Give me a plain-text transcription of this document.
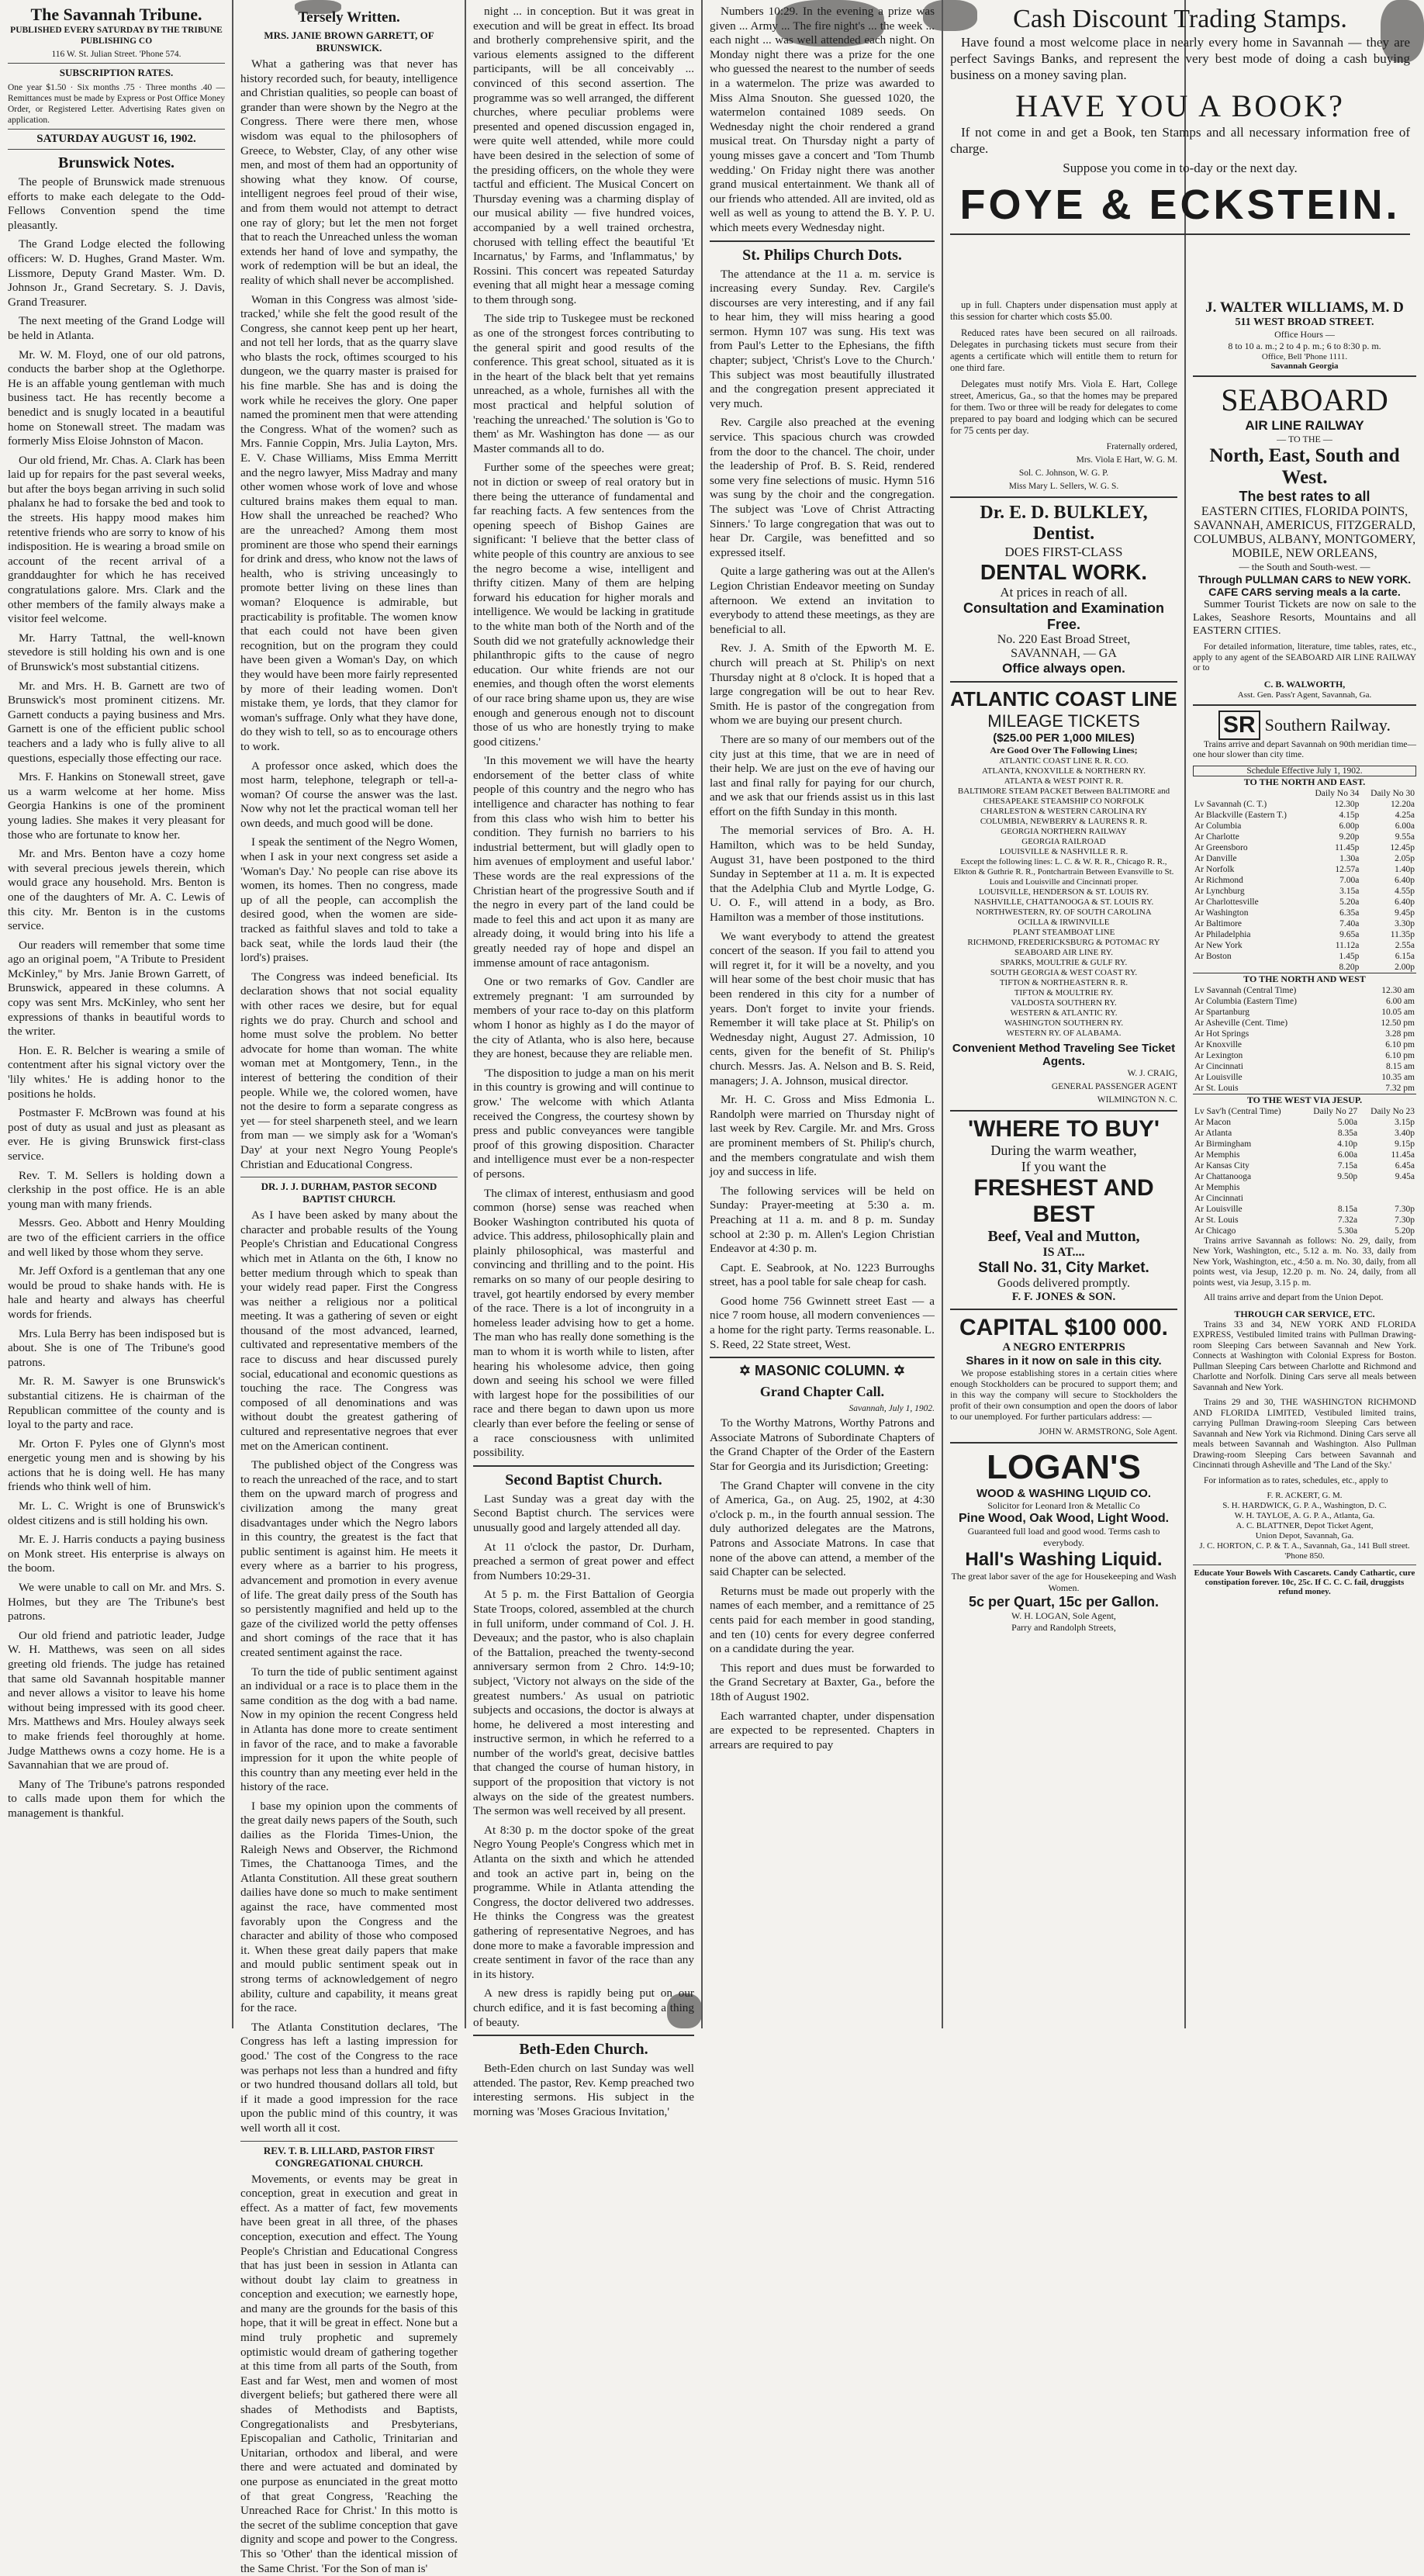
The Savannah Tribune.
PUBLISHED EVERY SATURDAY BY THE TRIBUNE PUBLISHING CO
116 W. St. Julian Street. 'Phone 574.
SUBSCRIPTION RATES.
One year $1.50 · Six months .75 · Three months .40 — Remittances must be made by Express or Post Office Money Order, or Registered Letter. Advertising Rates given on application.
SATURDAY AUGUST 16, 1902.
Brunswick Notes.

The people of Brunswick made strenuous efforts to make each delegate to the Odd-Fellows Convention spend the time pleasantly.

The Grand Lodge elected the following officers: W. D. Hughes, Grand Master. Wm. Lissmore, Deputy Grand Master. Wm. D. Johnson Jr., Grand Secretary. S. J. Davis, Grand Treasurer.

The next meeting of the Grand Lodge will be held in Atlanta.

Mr. W. M. Floyd, one of our old patrons, conducts the barber shop at the Oglethorpe. He is an affable young gentleman with much business tact. He has recently become a benedict and is snugly located in a beautiful home on Stonewall street. The madam was formerly Miss Eloise Johnston of Macon.

Our old friend, Mr. Chas. A. Clark has been laid up for repairs for the past several weeks, but after the boys began arriving in such solid phalanx he had to forsake the bed and took to the streets. His happy mood makes him retentive friends who are sorry to know of his indisposition. He is wearing a broad smile on account of the recent arrival of a granddaughter for which he has received congratulations galore. Mrs. Clark and the other members of the family always make a visitor feel welcome.

Mr. Harry Tattnal, the well-known stevedore is still holding his own and is one of Brunswick's most substantial citizens.

Mr. and Mrs. H. B. Garnett are two of Brunswick's most prominent citizens. Mr. Garnett conducts a paying business and Mrs. Garnett is one of the efficient public school teachers and a lady who is fully alive to all questions, especially those effecting our race.

Mrs. F. Hankins on Stonewall street, gave us a warm welcome at her home. Miss Georgia Hankins is one of the prominent young ladies. She makes it very pleasant for those who are fortunate to know her.

Mr. and Mrs. Benton have a cozy home with several precious jewels therein, which would grace any household. Mrs. Benton is one of the daughters of Mr. A. C. Lewis of this city. Mr. Benton is in the customs service.

Our readers will remember that some time ago an original poem, "A Tribute to President McKinley," by Mrs. Janie Brown Garrett, of Brunswick, appeared in these columns. A copy was sent Mrs. McKinley, who sent her expressions of thanks in beautiful words to the writer.

Hon. E. R. Belcher is wearing a smile of contentment after his signal victory over the 'lily whites.' He is adding honor to the positions he holds.

Postmaster F. McBrown was found at his post of duty as usual and just as pleasant as ever. He is giving Brunswick first-class service.

Rev. T. M. Sellers is holding down a clerkship in the post office. He is an able young man with many friends.

Messrs. Geo. Abbott and Henry Moulding are two of the efficient carriers in the office and well liked by those whom they serve.

Mr. Jeff Oxford is a gentleman that any one would be proud to shake hands with. He is hale and hearty and always has cheerful words for friends.

Mrs. Lula Berry has been indisposed but is about. She is one of The Tribune's good patrons.

Mr. R. M. Sawyer is one Brunswick's substantial citizens. He is chairman of the Republican committee of the county and is loyal to the party and race.

Mr. Orton F. Pyles one of Glynn's most energetic young men and is showing by his actions that he is doing well. He has many friends who think well of him.

Mr. L. C. Wright is one of Brunswick's oldest citizens and is still holding his own.

Mr. E. J. Harris conducts a paying business on Monk street. His enterprise is always on the boom.

We were unable to call on Mr. and Mrs. S. Holmes, but they are The Tribune's best patrons.

Our old friend and patriotic leader, Judge W. H. Matthews, was seen on all sides greeting old friends. The judge has retained that same old Savannah hospitable manner and never allows a visitor to leave his home without being impressed with its good cheer. Mrs. Matthews and Mrs. Houley always seek to make friends feel thoroughly at home. Judge Matthews owns a cozy home. He is a Savannahian that we are proud of.

Many of The Tribune's patrons responded to calls made upon them for which the management is thankful.

Tersely Written.
MRS. JANIE BROWN GARRETT, OF BRUNSWICK.

What a gathering was that never has history recorded such, for beauty, intelligence and Christian qualities, so people can boast of grander than were shown by the Negro at the Congress. There were there men, whose wisdom was equal to the philosophers of Greece, to Webster, Clay, of any other wise men, and most of them had an opportunity of showing what they know. Of course, intelligent negroes feel proud of their wise, and from them would not attempt to detract one ray of glory; but let the men not forget that to reach the Unreached unless the woman extends her hand of love and sympathy, the work of redemption will be but an ideal, the reality of which shall never be accomplished.

Woman in this Congress was almost 'side-tracked,' while she felt the good result of the Congress, she cannot keep pent up her heart, and not tell her lords, that as the quarry slave who blasts the rock, oftimes scourged to his dungeon, we the quarry master is praised for his fine marble. She has and is doing the work while he receives the glory. One paper named the prominent men that were attending the Congress. What of the women? such as Mrs. Fannie Coppin, Mrs. Julia Layton, Mrs. E. V. Chase Williams, Miss Emma Merritt and the negro lawyer, Miss Madray and many other women whose work of love and whose cultured brains makes them equal to man. How shall the unreached be reached? Who are the unreached? Among them most prominent are those who spend their earnings for drink and dress, who know not the laws of health, who is striving unceasingly to promote better living on these lines than woman? Eloquence is admirable, but practicability is profitable. The women know that each could not have been given recognition, but on the program they could have been given a Woman's Day, on which they would have been more fairly represented by more of their leading women. Don't mistake them, ye lords, that they clamor for woman's suffrage. Only what they have done, do they wish to tell, so as to encourage others to work.

A professor once asked, which does the most harm, telephone, telegraph or tell-a-woman? Of course the answer was the last. Now why not let the practical woman tell her own deeds, and much good will be done.

I speak the sentiment of the Negro Women, when I ask in your next congress set aside a 'Woman's Day.' No people can rise above its women, its homes. Then no congress, made up of all the people, can accomplish the desired good, when the women are side-tracked as faithful slaves and told to take a back seat, while the lords laud their (the lord's) praises.

The Congress was indeed beneficial. Its declaration shows that not social equality with other races we desire, but for equal rights we do pray. Church and school and home must solve the problem. No better advocate for home than woman. The white woman met at Montgomery, Tenn., in the interest of bettering the condition of their people. While we, the colored women, have not the desire to form a separate congress as yet — for steel sharpeneth steel, and we learn from man — we simply ask for a 'Woman's Day' at your next Negro Young People's Christian and Educational Congress.

DR. J. J. DURHAM, PASTOR SECOND BAPTIST CHURCH.

As I have been asked by many about the character and probable results of the Young People's Christian and Educational Congress which met in Atlanta on the 6th, I know no better medium through which to speak than your widely read paper. First the Congress was neither a religious nor a political meeting. It was a gathering of seven or eight thousand of the most advanced, learned, cultivated and representative members of the race to discuss and hear discussed purely social, educational and economic questions as touching the race. The Congress was composed of all denominations and was without doubt the greatest gathering of cultured and representative negroes that ever met on the American continent.

The published object of the Congress was to reach the unreached of the race, and to start them on the upward march of progress and civilization among the many great disadvantages under which the Negro labors in this country, the greatest is the fact that public sentiment is against him. He meets it every where as a barrier to his progress, advancement and promotion in every avenue of life. The great daily press of the South has so persistently magnified and held up to the gaze of the civilized world the petty offenses and short comings of the race that it has created sentiment against the race.

To turn the tide of public sentiment against an individual or a race is to place them in the same condition as the dog with a bad name. Now in my opinion the recent Congress held in Atlanta has done more to create sentiment in favor of the race, and to make a favorable impression for it upon the white people of this country than any meeting ever held in the history of the race.

I base my opinion upon the comments of the great daily news papers of the South, such dailies as the Florida Times-Union, the Raleigh News and Observer, the Richmond Times, the Chattanooga Times, and the Atlanta Constitution. All these great southern dailies have done so much to make sentiment against the race, have commented most favorably upon the Congress and the character and ability of those who composed it. When these great daily papers that make and mould public sentiment speak out in strong terms of acknowledgement of negro ability, culture and capability, it means great for the race.

The Atlanta Constitution declares, 'The Congress has left a lasting impression for good.' The cost of the Congress to the race was perhaps not less than a hundred and fifty or two hundred thousand dollars all told, but if it made a good impression for the race upon the public mind of this country, it was well worth all it cost.

REV. T. B. LILLARD, PASTOR FIRST CONGREGATIONAL CHURCH.

Movements, or events may be great in conception, great in execution and great in effect. As a matter of fact, few movements have been great in all three, of the phases conception, execution and effect. The Young People's Christian and Educational Congress that has just been in session in Atlanta can without doubt lay claim to greatness in conception and execution; we earnestly hope, and many are the grounds for the basis of this hope, that it will be great in effect. None but a mind truly prophetic and supremely optimistic would dream of gathering together at this time from all parts of the South, from East and far West, men and women of most divergent beliefs; but gathered there were all shades of Methodists and Baptists, Congregationalists and Presbyterians, Episcopalian and Catholic, Trinitarian and Unitarian, orthodox and liberal, and were there and were actuated and dominated by one purpose as enunciated in the great motto of that great Congress, 'Reaching the Unreached Race for Christ.' In this motto is the secret of the sublime conception that gave dignity and scope and power to the Congress. This so 'Other' than the identical mission of the Same Christ. 'For the Son of man is'

night ... in conception. But it was great in execution and will be great in effect. Its broad and brotherly comprehensive spirit, and the various elements assigned to the different participants, will be all conceivably ... convinced of this second assertion. The programme was so well arranged, the different churches, where peculiar problems were presented and opened discussion engaged in, were quite well attended, while more could have been desired in the selection of some of the presiding officers, on the whole they were tactful and efficient. The Musical Concert on Thursday evening was a charming display of our musical ability — five hundred voices, accompanied by a well trained orchestra, chorused with telling effect the beautiful 'Et Incarnatus,' by Farms, and 'Inflammatus,' by Rossini. This concert was repeated Saturday evening that all might hear a message coming to them through song.

The side trip to Tuskegee must be reckoned as one of the strongest forces contributing to the general spirit and good results of the conference. This great school, situated as it is in the heart of the black belt that yet remains unreached, as a whole, furnishes all with the most practical and helpful solution of 'reaching the unreached.' The solution is 'Go to them' as Mr. Washington has done — as our Master commands all to do.

Further some of the speeches were great; not in diction or sweep of real oratory but in there being the utterance of fundamental and far reaching facts. A few sentences from the opening speech of Bishop Gaines are significant: 'I believe that the better class of white people of this country are anxious to see the negro become a wise, intelligent and thrifty citizen. Many of them are helping forward his education for higher morals and intelligence. We would be lacking in gratitude to the white man both of the North and of the South did we not gratefully acknowledge their philanthropic gifts to the cause of negro education. Our white friends are not our enemies, and though often the worst elements of our race bring shame upon us, they are wise enough and generous enough not to discount those of us who are honestly trying to make good citizens.'

'In this movement we will have the hearty endorsement of the better class of white people of this country and the negro who has intelligence and character has nothing to fear from this class who wish him to better his condition. They furnish no barriers to his industrial betterment, but will gladly open to him avenues of employment and useful labor.' These words are the real expressions of the Christian heart of the progressive South and if the negro in every part of the land could be made to feel this and act upon it as many are already doing, it would bring into his life a greatly needed ray of hope and dispel an immense amount of race antagonism.

One or two remarks of Gov. Candler are extremely pregnant: 'I am surrounded by members of your race to-day on this platform whom I honor as highly as I do the mayor of the city of Atlanta, who is also here, because they are honest, because they are reliable men.

'The disposition to judge a man on his merit in this country is growing and will continue to grow.' The welcome with which Atlanta received the Congress, the courtesy shown by press and public conveyances were tangible proof of this growing disposition. Character and intelligence must ever be a non-respecter of persons.

The climax of interest, enthusiasm and good common (horse) sense was reached when Booker Washington contributed his quota of advice. This address, philosophically plain and plainly philosophical, was masterful and convincing and thrilling and to the point. His remarks on so many of our people desiring to travel, got heartily endorsed by every member of the race. There is a lot of incongruity in a homeless leader advising how to get a home. The man who has really done something is the man to whom it is worth while to listen, after hearing his wholesome advice, then going down and seeing his school we were filled with largest hope for the possibilities of our race and there began to dawn upon us more clearly than ever before the feeling or sense of a race consciousness with unlimited possibility.

Second Baptist Church.

Last Sunday was a great day with the Second Baptist church. The services were unusually good and largely attended all day.

At 11 o'clock the pastor, Dr. Durham, preached a sermon of great power and effect from Numbers 10:29-31.

At 5 p. m. the First Battalion of Georgia State Troops, colored, assembled at the church in full uniform, under command of Col. J. H. Deveaux; and the pastor, who is also chaplain of the Battalion, preached the twenty-second anniversary sermon from 2 Chro. 14:9-10; subject, 'Victory not always on the side of the greatest numbers.' As usual on patriotic subjects and occasions, the doctor is always at home, he delivered a most interesting and instructive sermon, in which he referred to a number of the world's great, decisive battles that changed the course of human history, in support of the proposition that victory is not always on the side of the greatest numbers. The sermon was well received by all present.

At 8:30 p. m the doctor spoke of the great Negro Young People's Congress which met in Atlanta on the sixth and which he attended and took an active part in, being on the programme. While in Atlanta attending the Congress, the doctor delivered two addresses. He thinks the Congress was the greatest gathering of representative Negroes, and has done more to make a favorable impression and create sentiment in favor of the race than any in its history.

A new dress is rapidly being put on our church edifice, and it is fast becoming a thing of beauty.

Beth-Eden Church.

Beth-Eden church on last Sunday was well attended. The pastor, Rev. Kemp preached two interesting sermons. His subject in the morning was 'Moses Gracious Invitation,'

Numbers 10:29. In the evening a prize was given ... Army ... The fire night's ... the week ... each night ... was well attended each night. On Monday night there was a prize for the one who guessed the nearest to the number of seeds in a watermelon. The prize was awarded to Miss Alma Snouton. She guessed 1020, the watermelon contained 1089 seeds. On Wednesday night the choir rendered a grand musical treat. On Thursday night a party of young misses gave a concert and 'Tom Thumb wedding.' On Friday night there was another grand musical entertainment. We thank all of our friends who attended. All are invited, old as well as well as young to attend the B. Y. P. U. which meets every Wednesday night.

St. Philips Church Dots.

The attendance at the 11 a. m. service is increasing every Sunday. Rev. Cargile's discourses are very interesting, and if any fail to hear him, they will miss hearing a good sermon. Hymn 107 was sung. His text was from Paul's Letter to the Ephesians, the fifth chapter; subject, 'Christ's Love to the Church.' This subject was most beautifully illustrated and the congregation present appreciated it very much.

Rev. Cargile also preached at the evening service. This spacious church was crowded from the door to the chancel. The choir, under the leadership of Prof. B. S. Reid, rendered some very fine selections of music. Hymn 516 was sung by the choir and the congregation. The subject was 'Love of Christ Attracting Sinners.' To large congregation that was out to hear Dr. Cargile, was benefitted and so expressed itself.

Quite a large gathering was out at the Allen's Legion Christian Endeavor meeting on Sunday afternoon. We extend an invitation to everybody to attend these meetings, as they are beneficial to all.

Rev. J. A. Smith of the Epworth M. E. church will preach at St. Philip's on next Thursday night at 8 o'clock. It is hoped that a large congregation will be out to hear Rev. Smith. He is pastor of the congregation from whom we are buying our present church.

There are so many of our members out of the city just at this time, that we are in need of their help. We are just on the eve of having our last and final rally for paying for our church, and we ask that our friends assist us in this last effort on the fifth Sunday in this month.

The memorial services of Bro. A. H. Hamilton, which was to be held Sunday, August 31, have been postponed to the third Sunday in September at 11 a. m. It is expected that the Adelphia Club and Myrtle Lodge, G. U. O. F., will attend in a body, as Bro. Hamilton was a member of those institutions.

We want everybody to attend the greatest concert of the season. If you fail to attend you will regret it, for it will be a novelty, and you will hear some of the best choir music that has been rendered in this city for a number of years. Don't forget to invite your friends. Remember it will take place at St. Philip's on Wednesday night, August 27. Admission, 10 cents, given for the benefit of St. Philip's church. Messrs. Jas. A. Nelson and B. S. Reid, managers; J. A. Johnson, musical director.

Mr. H. C. Gross and Miss Edmonia L. Randolph were married on Thursday night of last week by Rev. Cargile. Mr. and Mrs. Gross are prominent members of St. Philip's church, and the members congratulate and wish them joy and success in life.

The following services will be held on Sunday: Prayer-meeting at 5:30 a. m. Preaching at 11 a. m. and 8 p. m. Sunday school at 2:30 p. m. Allen's Legion Christian Endeavor at 4:30 p. m.

Capt. E. Seabrook, at No. 1223 Burroughs street, has a pool table for sale cheap for cash.

Good home 756 Gwinnett street East — a nice 7 room house, all modern conveniences — a home for the right party. Terms reasonable. L. S. Reed, 22 State street, West.

✡ MASONIC COLUMN. ✡
Grand Chapter Call.
Savannah, July 1, 1902.

To the Worthy Matrons, Worthy Patrons and Associate Matrons of Subordinate Chapters of the Grand Chapter of the Order of the Eastern Star for Georgia and its Jurisdiction; Greeting:

The Grand Chapter will convene in the city of America, Ga., on Aug. 25, 1902, at 4:30 o'clock p. m., in the fourth annual session. The duly authorized delegates are the Matrons, Patrons and Associate Matrons. In case that none of the above can attend, a member of the said Chapter can be selected.

Returns must be made out properly with the names of each member, and a remittance of 25 cents paid for each member in good standing, and ten (10) cents for every degree conferred on a candidate during the year.

This report and dues must be forwarded to the Grand Secretary at Baxter, Ga., before the 18th of August 1902.

Each warranted chapter, under dispensation are expected to be represented. Chapters in arrears are required to pay

Cash Discount Trading Stamps.

Have found a most welcome place in nearly every home in Savannah — they are perfect Savings Banks, and represent the very best mode of doing a cash buying business on a money saving plan.

HAVE YOU A BOOK?

If not come in and get a Book, ten Stamps and all necessary information free of charge.

Suppose you come in to-day or the next day.

FOYE & ECKSTEIN.

up in full. Chapters under dispensation must apply at this session for charter which costs $5.00.

Reduced rates have been secured on all railroads. Delegates in purchasing tickets must secure from their agents a certificate which will entitle them to return for one third fare.

Delegates must notify Mrs. Viola E. Hart, College street, Americus, Ga., so that the homes may be prepared for them. Two or three will be ready for delegates to come prepared to pay board and lodging which can be secured for 75 cents per day.

Fraternally ordered,

Mrs. Viola E Hart, W. G. M.

Sol. C. Johnson, W. G. P.

Miss Mary L. Sellers, W. G. S.

Dr. E. D. BULKLEY, Dentist.
DOES FIRST-CLASS
DENTAL WORK.
At prices in reach of all.
Consultation and Examination Free.
No. 220 East Broad Street,
SAVANNAH, — GA
Office always open.
ATLANTIC COAST LINE
MILEAGE TICKETS
($25.00 PER 1,000 MILES)
Are Good Over The Following Lines;
ATLANTIC COAST LINE R. R. CO.
ATLANTA, KNOXVILLE & NORTHERN RY.
ATLANTA & WEST POINT R. R.
BALTIMORE STEAM PACKET Between BALTIMORE and
CHESAPEAKE STEAMSHIP CO NORFOLK
CHARLESTON & WESTERN CAROLINA RY
COLUMBIA, NEWBERRY & LAURENS R. R.
GEORGIA NORTHERN RAILWAY
GEORGIA RAILROAD
LOUISVILLE & NASHVILLE R. R.
Except the following lines: L. C. & W. R. R., Chicago R. R., Elkton & Guthrie R. R., Pontchartrain Between Evansville to St. Louis and Louisville and Cincinnati proper.
LOUISVILLE, HENDERSON & ST. LOUIS RY.
NASHVILLE, CHATTANOOGA & ST. LOUIS RY.
NORTHWESTERN, RY. OF SOUTH CAROLINA
OCILLA & IRWINVILLE
PLANT STEAMBOAT LINE
RICHMOND, FREDERICKSBURG & POTOMAC RY
SEABOARD AIR LINE RY.
SPARKS, MOULTRIE & GULF RY.
SOUTH GEORGIA & WEST COAST RY.
TIFTON & NORTHEASTERN R. R.
TIFTON & MOULTRIE RY.
VALDOSTA SOUTHERN RY.
WESTERN & ATLANTIC RY.
WASHINGTON SOUTHERN RY.
WESTERN RY. OF ALABAMA.
Convenient Method Traveling See Ticket Agents.
W. J. CRAIG,
GENERAL PASSENGER AGENT
WILMINGTON N. C.
'WHERE TO BUY'
During the warm weather,
If you want the
FRESHEST AND BEST
Beef, Veal and Mutton,
IS AT....
Stall No. 31, City Market.
Goods delivered promptly.
F. F. JONES & SON.
CAPITAL $100 000.
A NEGRO ENTERPRIS
Shares in it now on sale in this city.

We propose establishing stores in a certain cities where enough Stockholders can be procured to support them; and in this way the company will secure to Stockholders the profit of their own consumption and open the doors of labor to our unemployed. For further particulars address: —

JOHN W. ARMSTRONG, Sole Agent.
LOGAN'S
WOOD & WASHING LIQUID CO.
Solicitor for Leonard Iron & Metallic Co
Pine Wood, Oak Wood, Light Wood.
Guaranteed full load and good wood. Terms cash to everybody.
Hall's Washing Liquid.
The great labor saver of the age for Housekeeping and Wash Women.
5c per Quart, 15c per Gallon.
W. H. LOGAN, Sole Agent,
Parry and Randolph Streets,
J. WALTER WILLIAMS, M. D
511 WEST BROAD STREET.
Office Hours —
8 to 10 a. m.; 2 to 4 p. m.; 6 to 8:30 p. m.
Office, Bell 'Phone 1111.
Savannah Georgia
SEABOARD
AIR LINE RAILWAY
— TO THE —
North, East, South and West.
The best rates to all
EASTERN CITIES, FLORIDA POINTS, SAVANNAH, AMERICUS, FITZGERALD, COLUMBUS, ALBANY, MONTGOMERY, MOBILE, NEW ORLEANS,
— the South and South-west. —
Through PULLMAN CARS to NEW YORK. CAFE CARS serving meals a la carte.

Summer Tourist Tickets are now on sale to the Lakes, Seashore Resorts, Mountains and all EASTERN CITIES.

For detailed information, literature, time tables, rates, etc., apply to any agent of the SEABOARD AIR LINE RAILWAY or to

C. B. WALWORTH,
Asst. Gen. Pass'r Agent, Savannah, Ga.
SR Southern Railway.

Trains arrive and depart Savannah on 90th meridian time—one hour slower than city time.

Schedule Effective July 1, 1902.
TO THE NORTH AND EAST.
	Daily No 34	Daily No 30
Lv Savannah (C. T.)	12.30p	12.20a
Ar Blackville (Eastern T.)	4.15p	4.25a
Ar Columbia	6.00p	6.00a
Ar Charlotte	9.20p	9.55a
Ar Greensboro	11.45p	12.45p
Ar Danville	1.30a	2.05p
Ar Norfolk	12.57a	1.40p
Ar Richmond	7.00a	6.40p
Ar Lynchburg	3.15a	4.55p
Ar Charlottesville	5.20a	6.40p
Ar Washington	6.35a	9.45p
Ar Baltimore	7.40a	3.30p
Ar Philadelphia	9.65a	11.35p
Ar New York	11.12a	2.55a
Ar Boston	1.45p	6.15a
	8.20p	2.00p
TO THE NORTH AND WEST
Lv Savannah (Central Time)		12.30 am
Ar Columbia (Eastern Time)		6.00 am
Ar Spartanburg		10.05 am
Ar Asheville (Cent. Time)		12.50 pm
Ar Hot Springs		3.28 pm
Ar Knoxville		6.10 pm
Ar Lexington		6.10 pm
Ar Cincinnati		8.15 am
Ar Louisville		10.35 am
Ar St. Louis		7.32 pm
TO THE WEST VIA JESUP.
Lv Sav'h (Central Time)	Daily No 27	Daily No 23
Ar Macon	5.00a	3.15p
Ar Atlanta	8.35a	3.40p
Ar Birmingham	4.10p	9.15p
Ar Memphis	6.00a	11.45a
Ar Kansas City	7.15a	6.45a
Ar Chattanooga	9.50p	9.45a
Ar Memphis		
Ar Cincinnati		
Ar Louisville	8.15a	7.30p
Ar St. Louis	7.32a	7.30p
Ar Chicago	5.30a	5.20p

Trains arrive Savannah as follows: No. 29, daily, from New York, Washington, etc., 5.12 a. m. No. 33, daily from New York, Washington, etc., 4:50 a. m. No. 30, daily, from all points west, via Jesup, 12.20 p. m. No. 24, daily, from all points west, via Jesup, 3.15 p. m.

All trains arrive and depart from the Union Depot.

THROUGH CAR SERVICE, ETC.

Trains 33 and 34, NEW YORK AND FLORIDA EXPRESS, Vestibuled limited trains with Pullman Drawing-room Sleeping Cars between Savannah and New York. Connects at Washington with Colonial Express for Boston. Pullman Sleeping Cars between Charlotte and Richmond and Charlotte and Norfolk. Dining Cars serve all meals between Savannah and New York.

Trains 29 and 30, THE WASHINGTON RICHMOND AND FLORIDA LIMITED, Vestibuled limited trains, carrying Pullman Drawing-room Sleeping Cars between Savannah and New York via Richmond. Dining Cars serve all meals between Savannah and Washington. Also Pullman Drawing-room Sleeping Cars between Savannah and Cincinnati through Asheville and 'The Land of the Sky.'

For information as to rates, schedules, etc., apply to

F. R. ACKERT, G. M.
S. H. HARDWICK, G. P. A., Washington, D. C.
W. H. TAYLOE, A. G. P. A., Atlanta, Ga.
A. C. BLATTNER, Depot Ticket Agent,
Union Depot, Savannah, Ga.
J. C. HORTON, C. P. & T. A., Savannah, Ga., 141 Bull street. 'Phone 850.
Educate Your Bowels With Cascarets. Candy Cathartic, cure constipation forever. 10c, 25c. If C. C. C. fail, druggists refund money.
